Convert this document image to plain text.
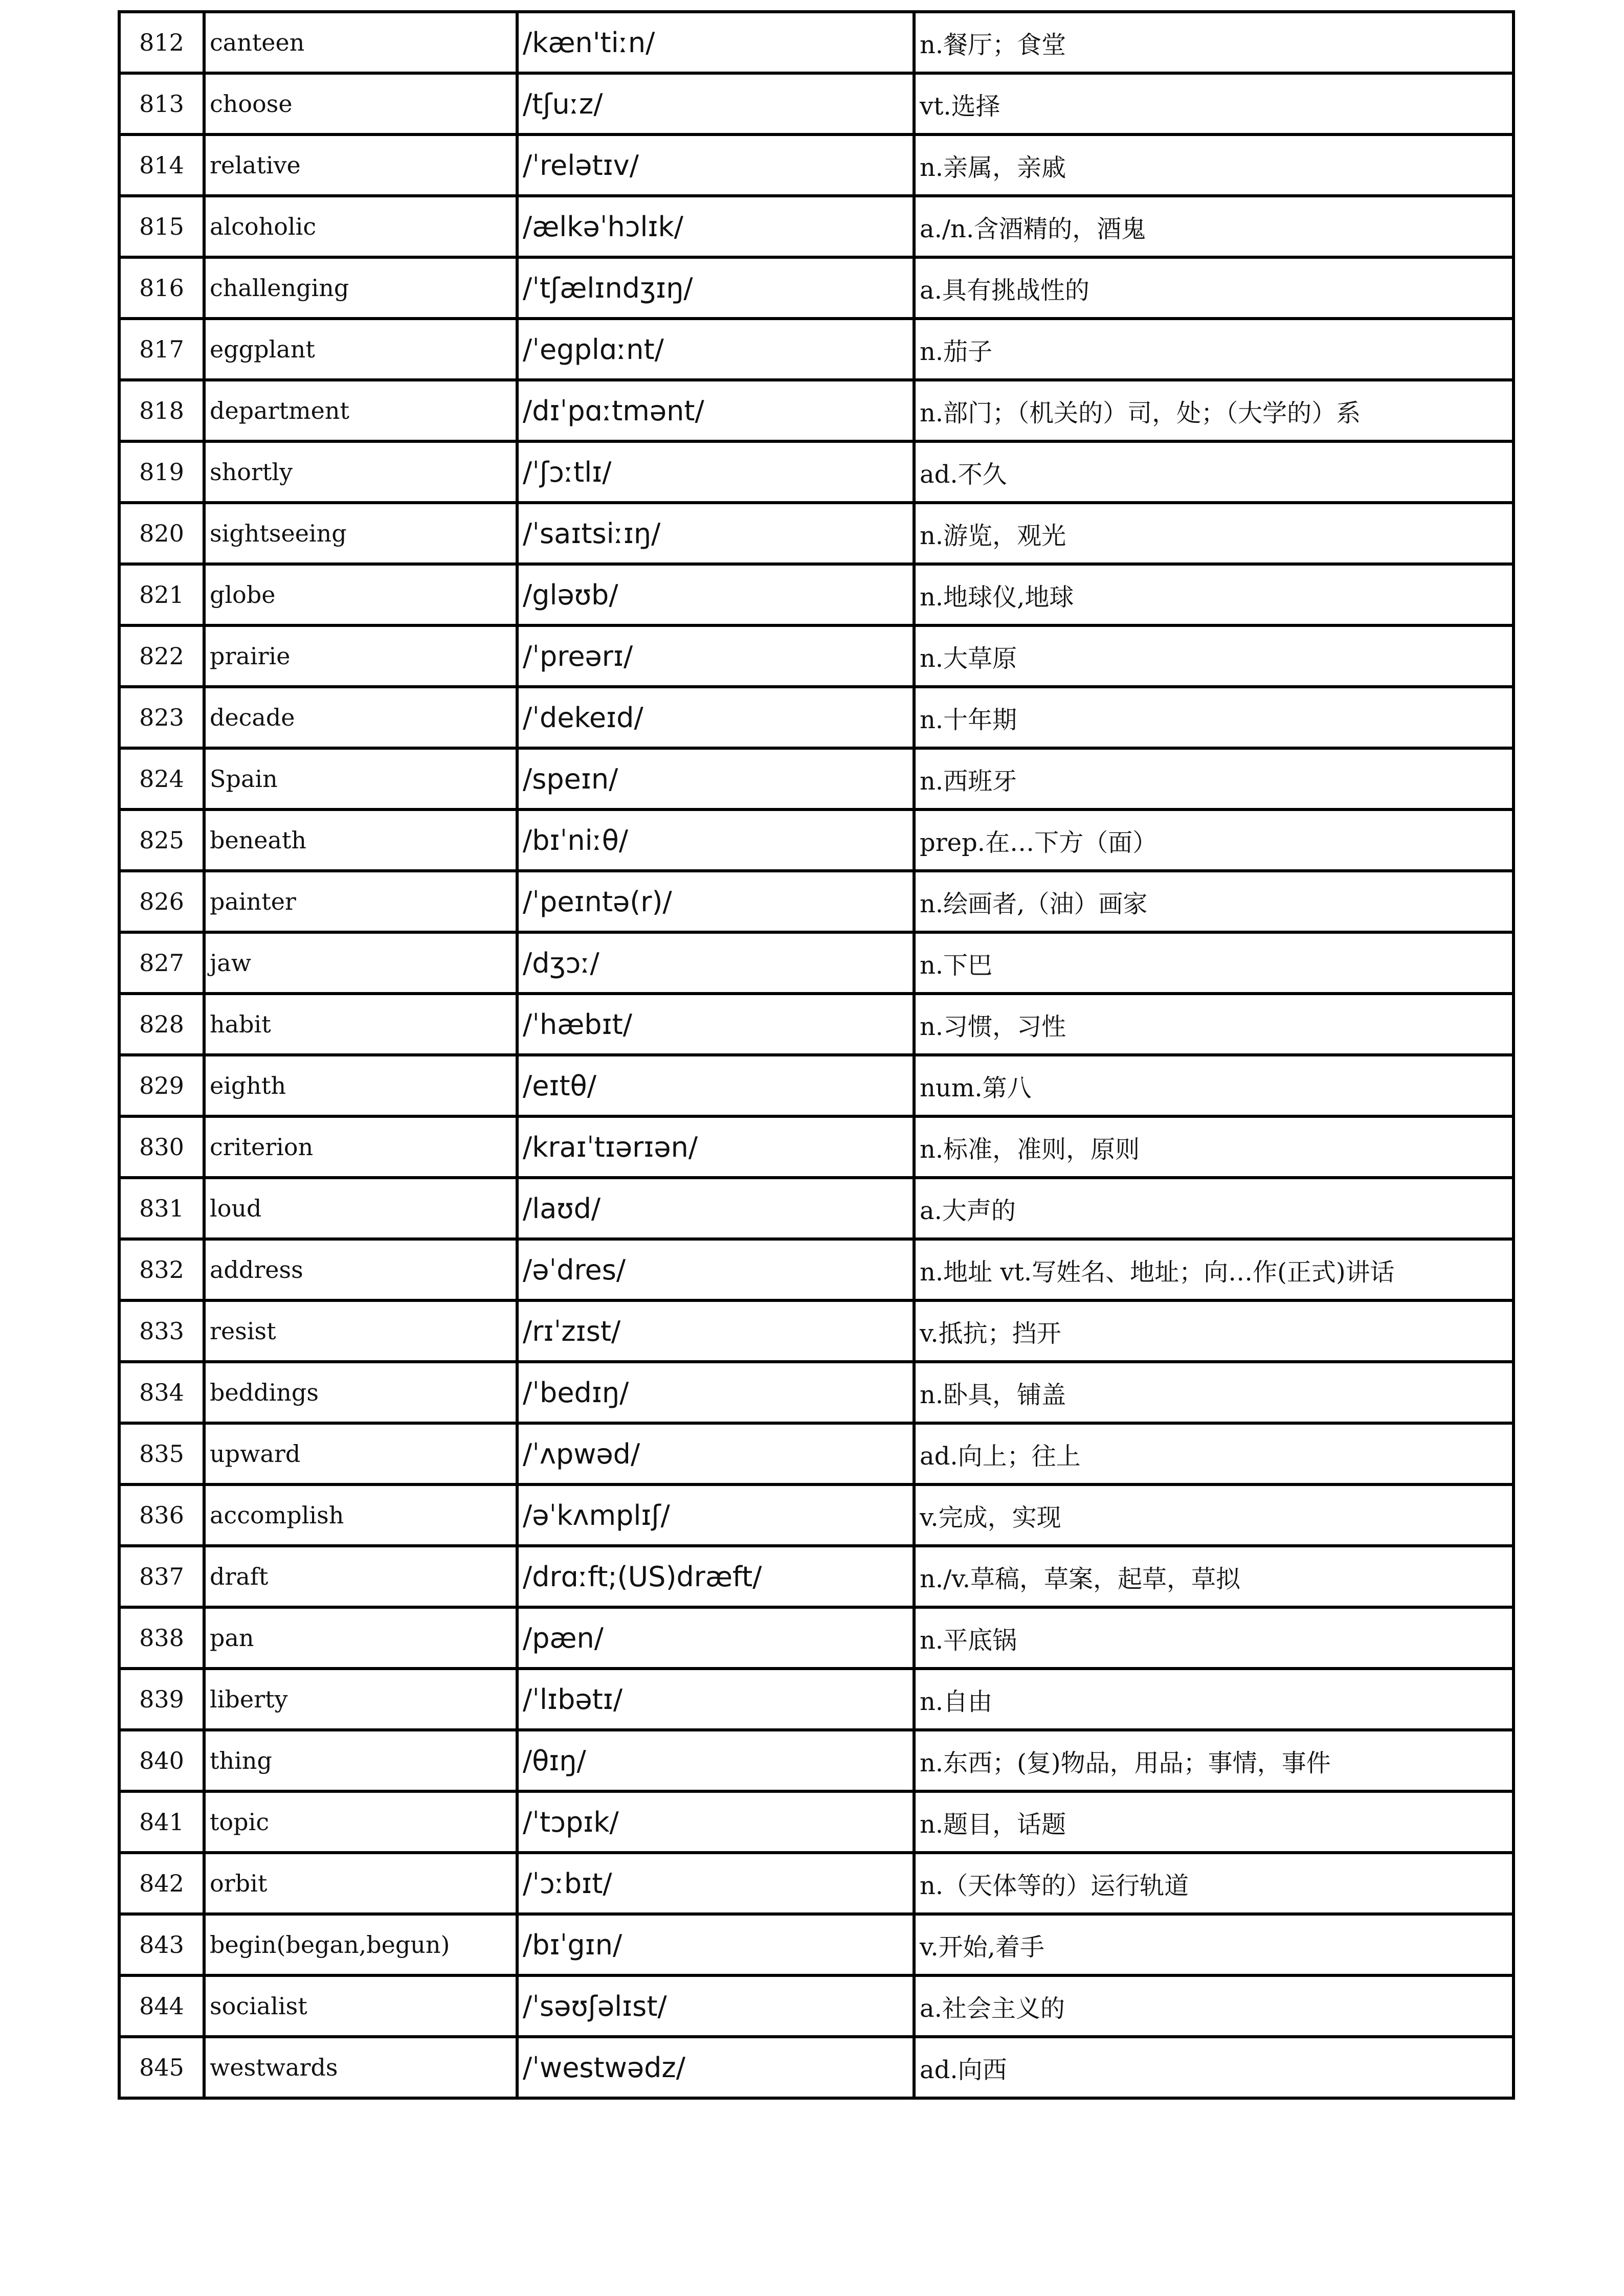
812	canteen	/kæn'tiːn/	n.餐厅；食堂
813	choose	/tʃuːz/	vt.选择
814	relative	/ˈrelətɪv/	n.亲属，亲戚
815	alcoholic	/ælkəˈhɔlɪk/	a./n.含酒精的，酒鬼
816	challenging	/ˈtʃælɪndʒɪŋ/	a.具有挑战性的
817	eggplant	/ˈegplɑːnt/	n.茄子
818	department	/dɪˈpɑːtmənt/	n.部门；（机关的）司，处；（大学的）系
819	shortly	/ˈʃɔːtlɪ/	ad.不久
820	sightseeing	/ˈsaɪtsiːɪŋ/	n.游览，观光
821	globe	/gləʊb/	n.地球仪,地球
822	prairie	/ˈpreərɪ/	n.大草原
823	decade	/ˈdekeɪd/	n.十年期
824	Spain	/speɪn/	n.西班牙
825	beneath	/bɪˈniːθ/	prep.在…下方（面）
826	painter	/ˈpeɪntə(r)/	n.绘画者,（油）画家
827	jaw	/dʒɔː/	n.下巴
828	habit	/ˈhæbɪt/	n.习惯，习性
829	eighth	/eɪtθ/	num.第八
830	criterion	/kraɪˈtɪərɪən/	n.标准，准则，原则
831	loud	/laʊd/	a.大声的
832	address	/əˈdres/	n.地址 vt.写姓名、地址；向…作(正式)讲话
833	resist	/rɪˈzɪst/	v.抵抗；挡开
834	beddings	/ˈbedɪŋ/	n.卧具，铺盖
835	upward	/ˈʌpwəd/	ad.向上；往上
836	accomplish	/əˈkʌmplɪʃ/	v.完成，实现
837	draft	/drɑːft;(US)dræft/	n./v.草稿，草案，起草，草拟
838	pan	/pæn/	n.平底锅
839	liberty	/ˈlɪbətɪ/	n.自由
840	thing	/θɪŋ/	n.东西；(复)物品，用品；事情，事件
841	topic	/ˈtɔpɪk/	n.题目，话题
842	orbit	/ˈɔːbɪt/	n.（天体等的）运行轨道
843	begin(began,begun)	/bɪˈgɪn/	v.开始,着手
844	socialist	/ˈsəʊʃəlɪst/	a.社会主义的
845	westwards	/ˈwestwədz/	ad.向西
